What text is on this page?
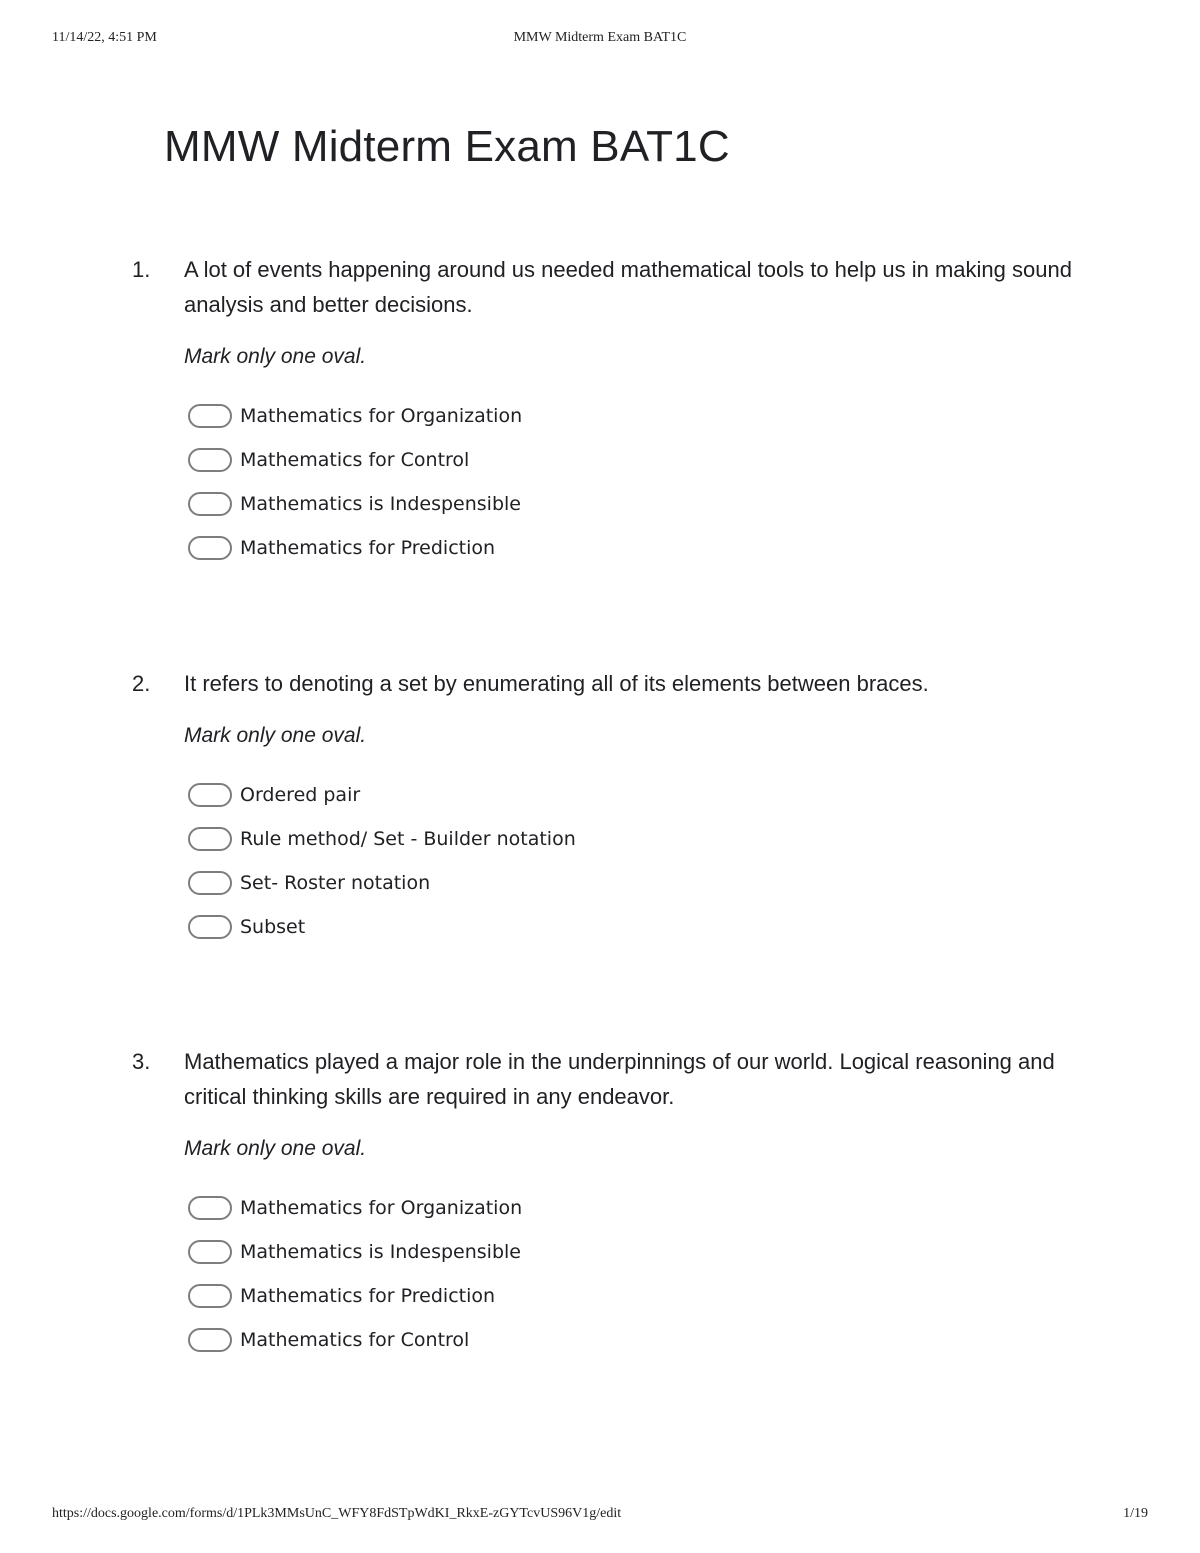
11/14/22, 4:51 PM	MMW Midterm Exam BAT1C
MMW Midterm Exam BAT1C
1. A lot of events happening around us needed mathematical tools to help us in making sound analysis and better decisions.
Mark only one oval.
Mathematics for Organization
Mathematics for Control
Mathematics is Indespensible
Mathematics for Prediction
2. It refers to denoting a set by enumerating all of its elements between braces.
Mark only one oval.
Ordered pair
Rule method/ Set - Builder notation
Set- Roster notation
Subset
3. Mathematics played a major role in the underpinnings of our world. Logical reasoning and critical thinking skills are required in any endeavor.
Mark only one oval.
Mathematics for Organization
Mathematics is Indespensible
Mathematics for Prediction
Mathematics for Control
https://docs.google.com/forms/d/1PLk3MMsUnC_WFY8FdSTpWdKI_RkxE-zGYTcvUS96V1g/edit	1/19
